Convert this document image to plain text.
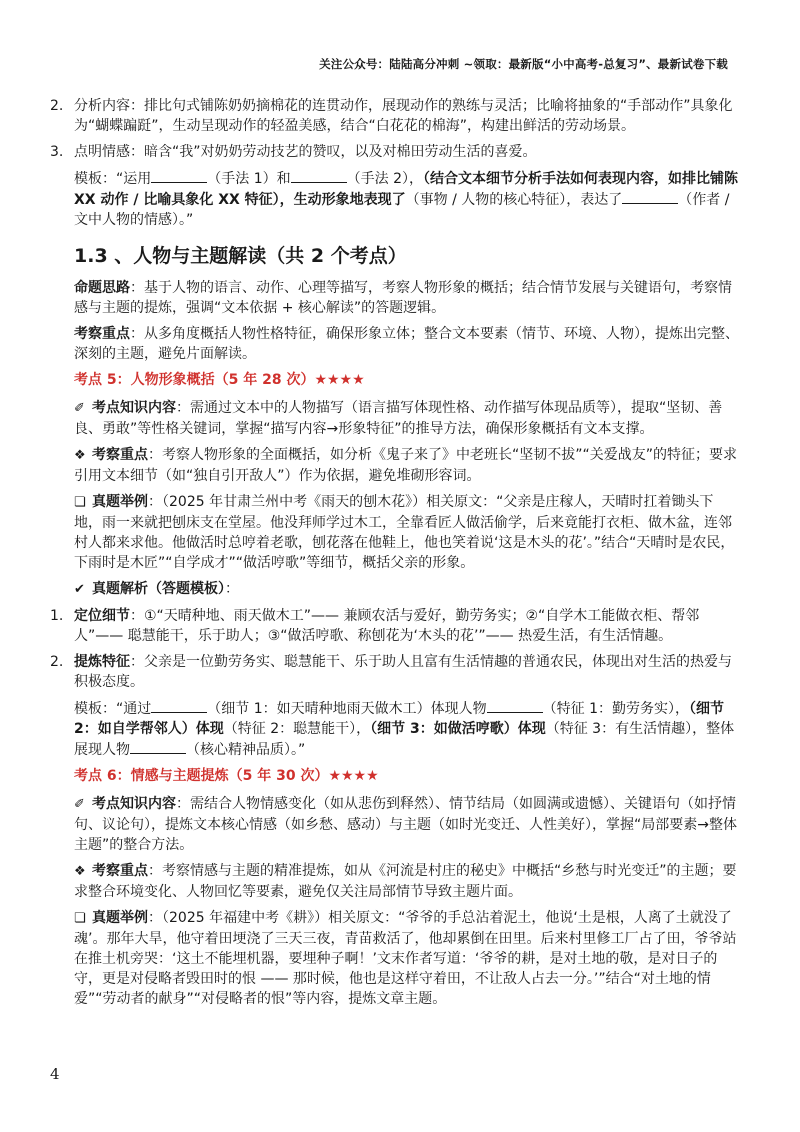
关注公众号：陆陆高分冲刺 ~领取：最新版“小中高考-总复习”、最新试卷下载
2. 分析内容：排比句式铺陈奶奶摘棉花的连贯动作，展现动作的熟练与灵活；比喻将抽象的“手部动作”具象化为“蝴蝶蹁跹”，生动呈现动作的轻盈美感，结合“白花花的棉海”，构建出鲜活的劳动场景。
3. 点明情感：暗含“我”对奶奶劳动技艺的赞叹，以及对棉田劳动生活的喜爱。

模板：“运用	（手法 1）和	（手法 2），（结合文本细节分析手法如何表现内容，如排比铺陈 XX 动作 / 比喻具象化 XX 特征），生动形象地表现了（事物 / 人物的核心特征），表达了	（作者 / 文中人物的情感）。”

1.3 、人物与主题解读（共 2 个考点）

命题思路：基于人物的语言、动作、心理等描写，考察人物形象的概括；结合情节发展与关键语句，考察情感与主题的提炼，强调“文本依据 + 核心解读”的答题逻辑。

考察重点：从多角度概括人物性格特征，确保形象立体；整合文本要素（情节、环境、人物），提炼出完整、深刻的主题，避免片面解读。

考点 5：人物形象概括（5 年 28 次）★★★★

✐ 考点知识内容：需通过文本中的人物描写（语言描写体现性格、动作描写体现品质等），提取“坚韧、善良、勇敢”等性格关键词，掌握“描写内容→形象特征”的推导方法，确保形象概括有文本支撑。

❖ 考察重点：考察人物形象的全面概括，如分析《鬼子来了》中老班长“坚韧不拔”“关爱战友”的特征；要求引用文本细节（如“独自引开敌人”）作为依据，避免堆砌形容词。

❏ 真题举例：（2025 年甘肃兰州中考《雨天的刨木花》）相关原文：“父亲是庄稼人，天晴时扛着锄头下地，雨一来就把刨床支在堂屋。他没拜师学过木工，全靠看匠人做活偷学，后来竟能打衣柜、做木盆，连邻村人都来求他。他做活时总哼着老歌，刨花落在他鞋上，他也笑着说‘这是木头的花’。”结合“天晴时是农民，下雨时是木匠”“自学成才”“做活哼歌”等细节，概括父亲的形象。

✔ 真题解析（答题模板）：

1. 定位细节：①“天晴种地、雨天做木工”—— 兼顾农活与爱好，勤劳务实；②“自学木工能做衣柜、帮邻人”—— 聪慧能干，乐于助人；③“做活哼歌、称刨花为‘木头的花’”—— 热爱生活，有生活情趣。
2. 提炼特征：父亲是一位勤劳务实、聪慧能干、乐于助人且富有生活情趣的普通农民，体现出对生活的热爱与积极态度。

模板：“通过	（细节 1：如天晴种地雨天做木工）体现人物	（特征 1：勤劳务实），（细节 2：如自学帮邻人）体现（特征 2：聪慧能干），（细节 3：如做活哼歌）体现（特征 3：有生活情趣），整体展现人物	（核心精神品质）。”

考点 6：情感与主题提炼（5 年 30 次）★★★★

✐ 考点知识内容：需结合人物情感变化（如从悲伤到释然）、情节结局（如圆满或遗憾）、关键语句（如抒情句、议论句），提炼文本核心情感（如乡愁、感动）与主题（如时光变迁、人性美好），掌握“局部要素→整体主题”的整合方法。

❖ 考察重点：考察情感与主题的精准提炼，如从《河流是村庄的秘史》中概括“乡愁与时光变迁”的主题；要求整合环境变化、人物回忆等要素，避免仅关注局部情节导致主题片面。

❏ 真题举例：（2025 年福建中考《耕》）相关原文：“爷爷的手总沾着泥土，他说‘土是根，人离了土就没了魂’。那年大旱，他守着田埂浇了三天三夜，青苗救活了，他却累倒在田里。后来村里修工厂占了田，爷爷站在推土机旁哭：‘这土不能埋机器，要埋种子啊！’文末作者写道：‘爷爷的耕，是对土地的敬，是对日子的守，更是对侵略者毁田时的恨 —— 那时候，他也是这样守着田，不让敌人占去一分。’”结合“对土地的情爱”“劳动者的献身”“对侵略者的恨”等内容，提炼文章主题。

4
